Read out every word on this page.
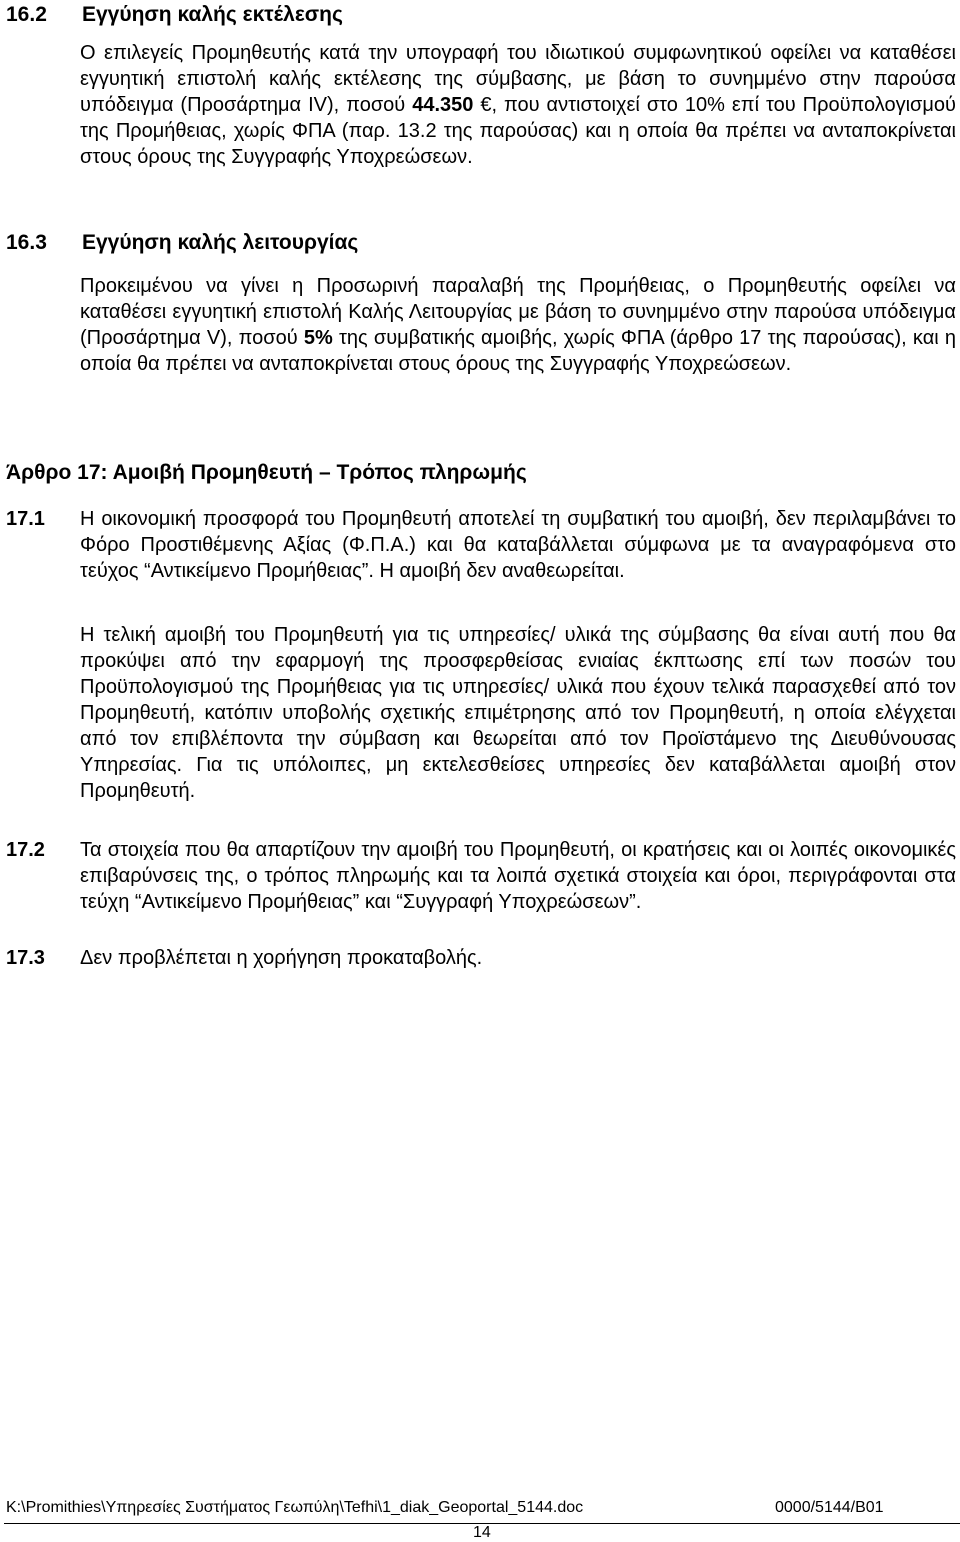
16.2 Εγγύηση καλής εκτέλεσης

Ο επιλεγείς Προμηθευτής κατά την υπογραφή του ιδιωτικού συμφωνητικού οφείλει να καταθέσει εγγυητική επιστολή καλής εκτέλεσης της σύμβασης, με βάση το συνημμένο στην παρούσα υπόδειγμα (Προσάρτημα IV), ποσού 44.350 €, που αντιστοιχεί στο 10% επί του Προϋπολογισμού της Προμήθειας, χωρίς ΦΠΑ (παρ. 13.2 της παρούσας) και η οποία θα πρέπει να ανταποκρίνεται στους όρους της Συγγραφής Υποχρεώσεων.

16.3 Εγγύηση καλής λειτουργίας

Προκειμένου να γίνει η Προσωρινή παραλαβή της Προμήθειας, ο Προμηθευτής οφείλει να καταθέσει εγγυητική επιστολή Καλής Λειτουργίας με βάση το συνημμένο στην παρούσα υπόδειγμα (Προσάρτημα V), ποσού 5% της συμβατικής αμοιβής, χωρίς ΦΠΑ (άρθρο 17 της παρούσας), και η οποία θα πρέπει να ανταποκρίνεται στους όρους της Συγγραφής Υποχρεώσεων.

Άρθρο 17: Αμοιβή Προμηθευτή – Τρόπος πληρωμής
17.1 Η οικονομική προσφορά του Προμηθευτή αποτελεί τη συμβατική του αμοιβή, δεν περιλαμβάνει το Φόρο Προστιθέμενης Αξίας (Φ.Π.Α.) και θα καταβάλλεται σύμφωνα με τα αναγραφόμενα στο τεύχος “Αντικείμενο Προμήθειας”. Η αμοιβή δεν αναθεωρείται.

Η τελική αμοιβή του Προμηθευτή για τις υπηρεσίες/ υλικά της σύμβασης θα είναι αυτή που θα προκύψει από την εφαρμογή της προσφερθείσας ενιαίας έκπτωσης επί των ποσών του Προϋπολογισμού της Προμήθειας για τις υπηρεσίες/ υλικά που έχουν τελικά παρασχεθεί από τον Προμηθευτή, κατόπιν υποβολής σχετικής επιμέτρησης από τον Προμηθευτή, η οποία ελέγχεται από τον επιβλέποντα την σύμβαση και θεωρείται από τον Προϊστάμενο της Διευθύνουσας Υπηρεσίας. Για τις υπόλοιπες, μη εκτελεσθείσες υπηρεσίες δεν καταβάλλεται αμοιβή στον Προμηθευτή.

17.2 Τα στοιχεία που θα απαρτίζουν την αμοιβή του Προμηθευτή, οι κρατήσεις και οι λοιπές οικονομικές επιβαρύνσεις της, ο τρόπος πληρωμής και τα λοιπά σχετικά στοιχεία και όροι, περιγράφονται στα τεύχη “Αντικείμενο Προμήθειας” και “Συγγραφή Υποχρεώσεων”.

17.3 Δεν προβλέπεται η χορήγηση προκαταβολής.

K:\Promithies\Υπηρεσίες Συστήματος Γεωπύλη\Tefhi\1_diak_Geoportal_5144.doc	0000/5144/B01
14
